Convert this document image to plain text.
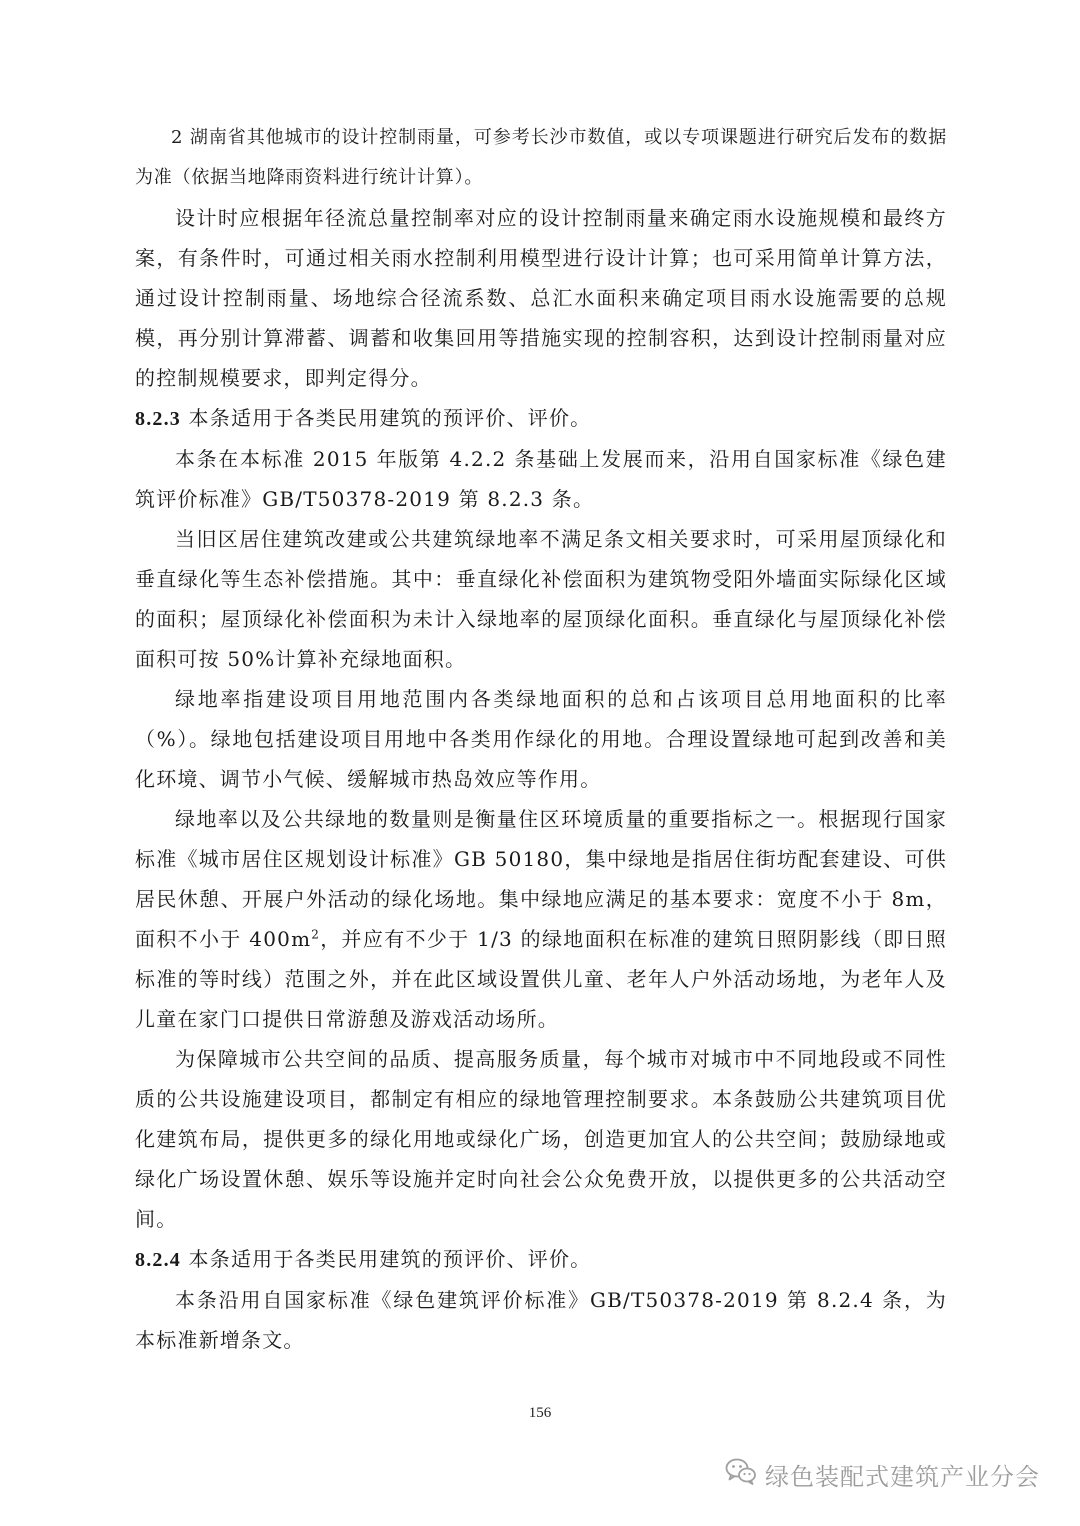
2 湖南省其他城市的设计控制雨量，可参考长沙市数值，或以专项课题进行研究后发布的数据为准（依据当地降雨资料进行统计计算）。

设计时应根据年径流总量控制率对应的设计控制雨量来确定雨水设施规模和最终方案，有条件时，可通过相关雨水控制利用模型进行设计计算；也可采用简单计算方法，通过设计控制雨量、场地综合径流系数、总汇水面积来确定项目雨水设施需要的总规模，再分别计算滞蓄、调蓄和收集回用等措施实现的控制容积，达到设计控制雨量对应的控制规模要求，即判定得分。

8.2.3 本条适用于各类民用建筑的预评价、评价。

本条在本标准 2015 年版第 4.2.2 条基础上发展而来，沿用自国家标准《绿色建筑评价标准》GB/T50378-2019 第 8.2.3 条。

当旧区居住建筑改建或公共建筑绿地率不满足条文相关要求时，可采用屋顶绿化和垂直绿化等生态补偿措施。其中：垂直绿化补偿面积为建筑物受阳外墙面实际绿化区域的面积；屋顶绿化补偿面积为未计入绿地率的屋顶绿化面积。垂直绿化与屋顶绿化补偿面积可按 50%计算补充绿地面积。

绿地率指建设项目用地范围内各类绿地面积的总和占该项目总用地面积的比率（%）。绿地包括建设项目用地中各类用作绿化的用地。合理设置绿地可起到改善和美化环境、调节小气候、缓解城市热岛效应等作用。

绿地率以及公共绿地的数量则是衡量住区环境质量的重要指标之一。根据现行国家标准《城市居住区规划设计标准》GB 50180，集中绿地是指居住街坊配套建设、可供居民休憩、开展户外活动的绿化场地。集中绿地应满足的基本要求：宽度不小于 8m，面积不小于 $400m^2$，并应有不少于 1/3 的绿地面积在标准的建筑日照阴影线（即日照标准的等时线）范围之外，并在此区域设置供儿童、老年人户外活动场地，为老年人及儿童在家门口提供日常游憩及游戏活动场所。

为保障城市公共空间的品质、提高服务质量，每个城市对城市中不同地段或不同性质的公共设施建设项目，都制定有相应的绿地管理控制要求。本条鼓励公共建筑项目优化建筑布局，提供更多的绿化用地或绿化广场，创造更加宜人的公共空间；鼓励绿地或绿化广场设置休憩、娱乐等设施并定时向社会公众免费开放，以提供更多的公共活动空间。

8.2.4 本条适用于各类民用建筑的预评价、评价。

本条沿用自国家标准《绿色建筑评价标准》GB/T50378-2019 第 8.2.4 条，为本标准新增条文。

156
绿色装配式建筑产业分会
